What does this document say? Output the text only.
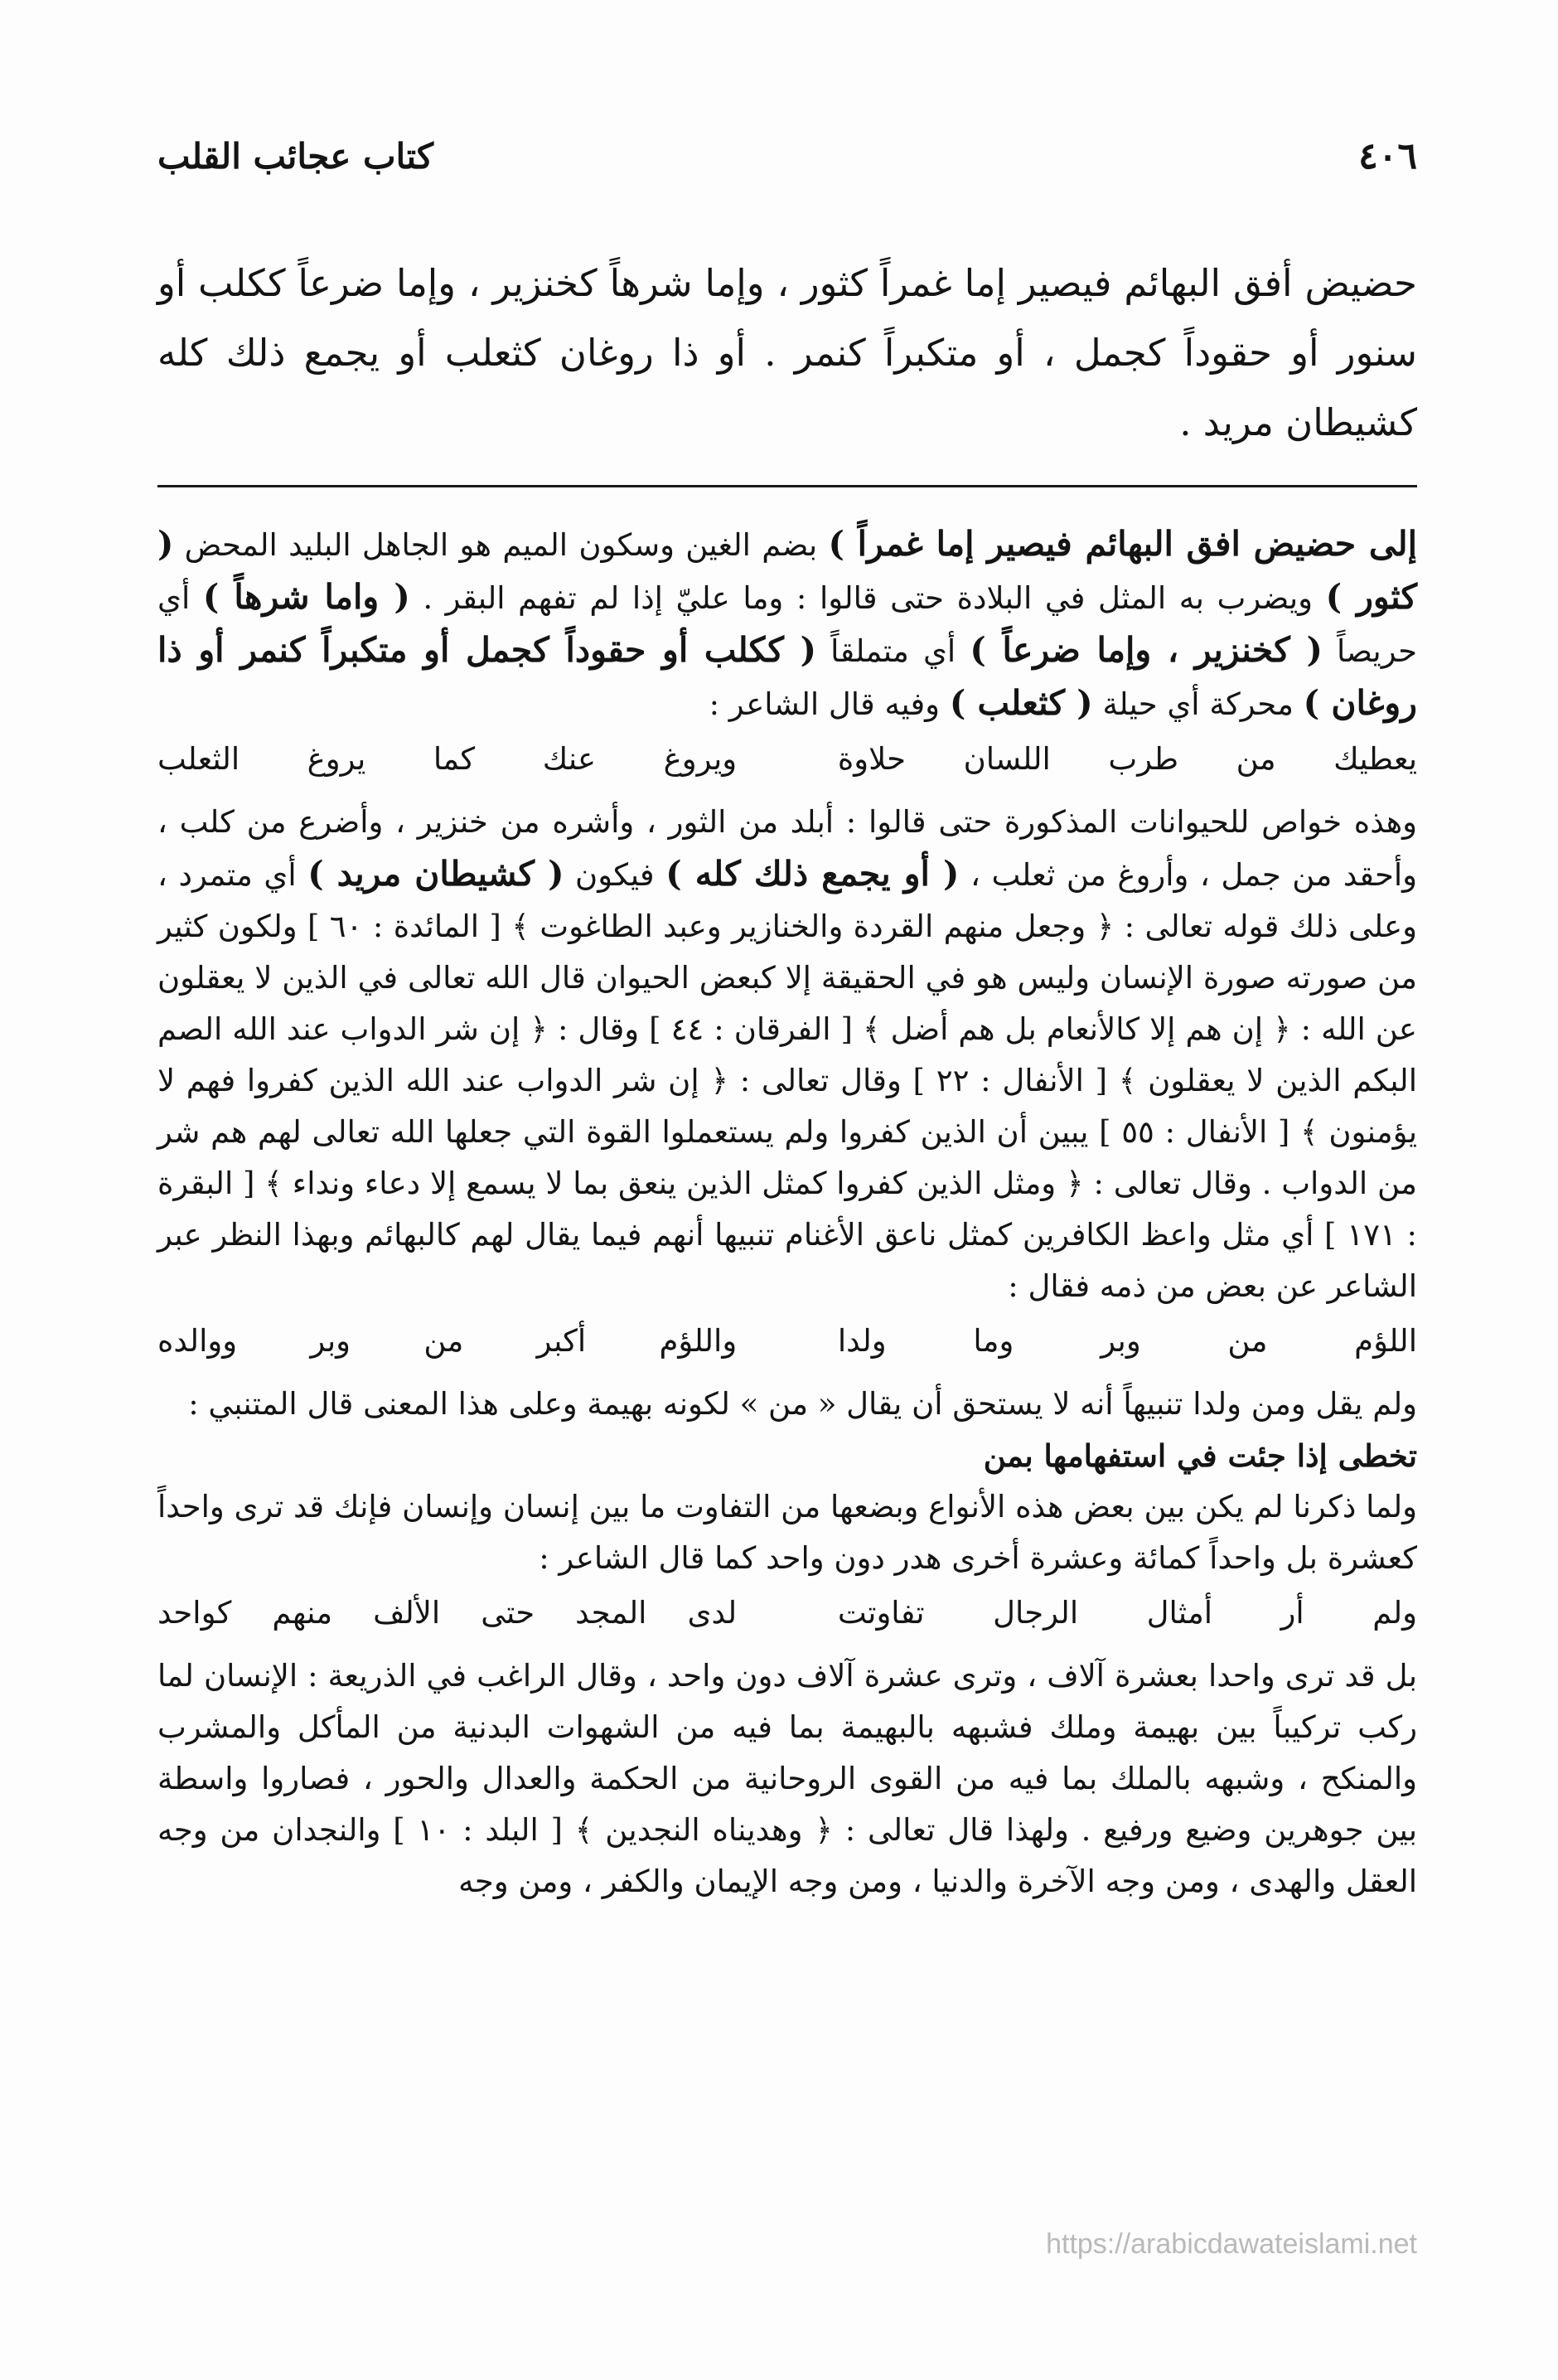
كتاب عجائب القلب	٤٠٦
حضيض أفق البهائم فيصير إما غمراً كثور ، وإما شرهاً كخنزير ، وإما ضرعاً ككلب أو سنور أو حقوداً كجمل ، أو متكبراً كنمر . أو ذا روغان كثعلب أو يجمع ذلك كله كشيطان مريد .

إلى حضيض افق البهائم فيصير إما غمراً ) بضم الغين وسكون الميم هو الجاهل البليد المحض ( كثور ) ويضرب به المثل في البلادة حتى قالوا : وما عليّ إذا لم تفهم البقر . ( واما شرهاً ) أي حريصاً ( كخنزير ، وإما ضرعاً ) أي متملقاً ( ككلب أو حقوداً كجمل أو متكبراً كنمر أو ذا روغان ) محركة أي حيلة ( كثعلب ) وفيه قال الشاعر :

يعطيك من طرب اللسان حلاوة
ويروغ عنك كما يروغ الثعلب

وهذه خواص للحيوانات المذكورة حتى قالوا : أبلد من الثور ، وأشره من خنزير ، وأضرع من كلب ، وأحقد من جمل ، وأروغ من ثعلب ، ( أو يجمع ذلك كله ) فيكون ( كشيطان مريد ) أي متمرد ، وعلى ذلك قوله تعالى : ﴿ وجعل منهم القردة والخنازير وعبد الطاغوت ﴾ [ المائدة : ٦٠ ] ولكون كثير من صورته صورة الإنسان وليس هو في الحقيقة إلا كبعض الحيوان قال الله تعالى في الذين لا يعقلون عن الله : ﴿ إن هم إلا كالأنعام بل هم أضل ﴾ [ الفرقان : ٤٤ ] وقال : ﴿ إن شر الدواب عند الله الصم البكم الذين لا يعقلون ﴾ [ الأنفال : ٢٢ ] وقال تعالى : ﴿ إن شر الدواب عند الله الذين كفروا فهم لا يؤمنون ﴾ [ الأنفال : ٥٥ ] يبين أن الذين كفروا ولم يستعملوا القوة التي جعلها الله تعالى لهم هم شر من الدواب . وقال تعالى : ﴿ ومثل الذين كفروا كمثل الذين ينعق بما لا يسمع إلا دعاء ونداء ﴾ [ البقرة : ١٧١ ] أي مثل واعظ الكافرين كمثل ناعق الأغنام تنبيها أنهم فيما يقال لهم كالبهائم وبهذا النظر عبر الشاعر عن بعض من ذمه فقال :

اللؤم من وبر وما ولدا
واللؤم أكبر من وبر ووالده

ولم يقل ومن ولدا تنبيهاً أنه لا يستحق أن يقال « من » لكونه بهيمة وعلى هذا المعنى قال المتنبي :

تخطى إذا جئت في استفهامها بمن

ولما ذكرنا لم يكن بين بعض هذه الأنواع وبضعها من التفاوت ما بين إنسان وإنسان فإنك قد ترى واحداً كعشرة بل واحداً كمائة وعشرة أخرى هدر دون واحد كما قال الشاعر :

ولم أر أمثال الرجال تفاوتت
لدى المجد حتى الألف منهم كواحد

بل قد ترى واحدا بعشرة آلاف ، وترى عشرة آلاف دون واحد ، وقال الراغب في الذريعة : الإنسان لما ركب تركيباً بين بهيمة وملك فشبهه بالبهيمة بما فيه من الشهوات البدنية من المأكل والمشرب والمنكح ، وشبهه بالملك بما فيه من القوى الروحانية من الحكمة والعدال والحور ، فصاروا واسطة بين جوهرين وضيع ورفيع . ولهذا قال تعالى : ﴿ وهديناه النجدين ﴾ [ البلد : ١٠ ] والنجدان من وجه العقل والهدى ، ومن وجه الآخرة والدنيا ، ومن وجه الإيمان والكفر ، ومن وجه

https://arabicdawateislami.net
